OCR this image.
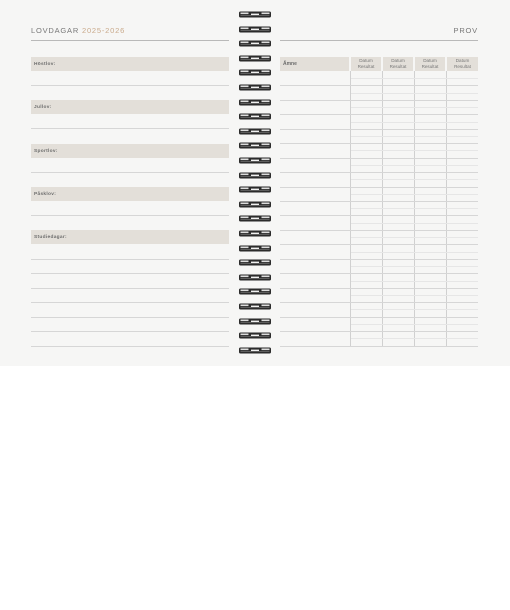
LOVDAGAR 2025-2026	PROV
Höstlov:
Jullov:
Sportlov:
Påsklov:
Studiedagar:
Ämne
Datum
Resultat
Datum
Resultat
Datum
Resultat
Datum
Resultat
